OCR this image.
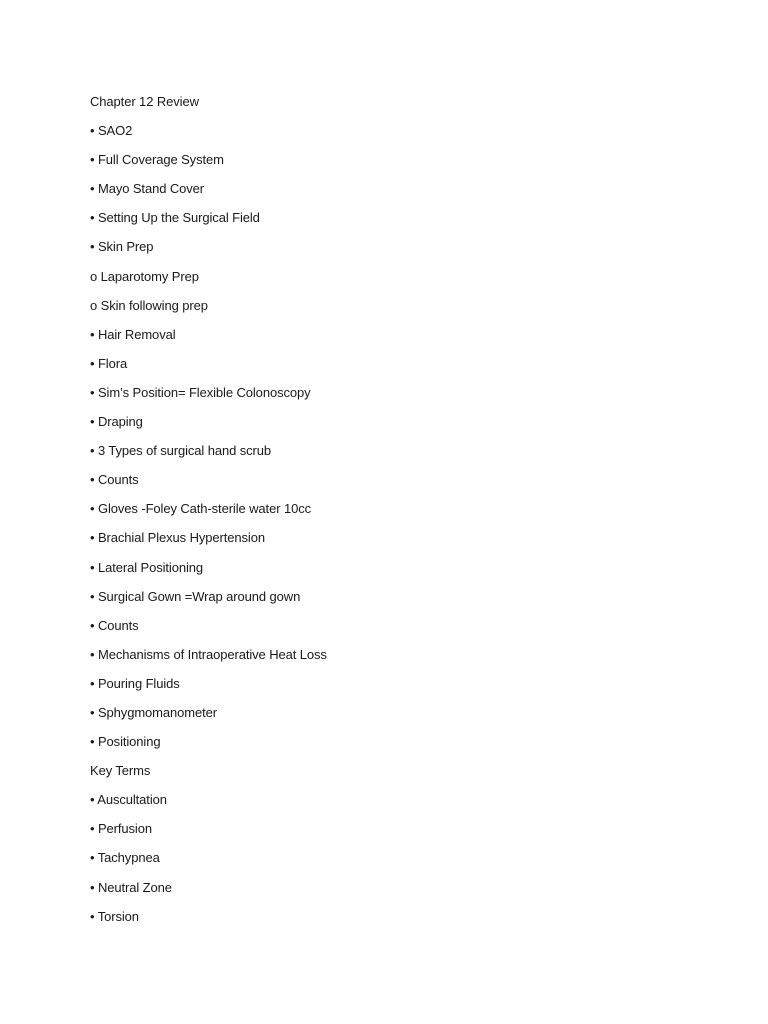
Chapter 12 Review
• SAO2
• Full Coverage System
• Mayo Stand Cover
• Setting Up the Surgical Field
• Skin Prep
o Laparotomy Prep
o Skin following prep
• Hair Removal
• Flora
• Sim’s Position= Flexible Colonoscopy
• Draping
• 3 Types of surgical hand scrub
• Counts
• Gloves -Foley Cath-sterile water 10cc
• Brachial Plexus Hypertension
• Lateral Positioning
• Surgical Gown =Wrap around gown
• Counts
• Mechanisms of Intraoperative Heat Loss
• Pouring Fluids
• Sphygmomanometer
• Positioning
Key Terms
• Auscultation
• Perfusion
• Tachypnea
• Neutral Zone
• Torsion
